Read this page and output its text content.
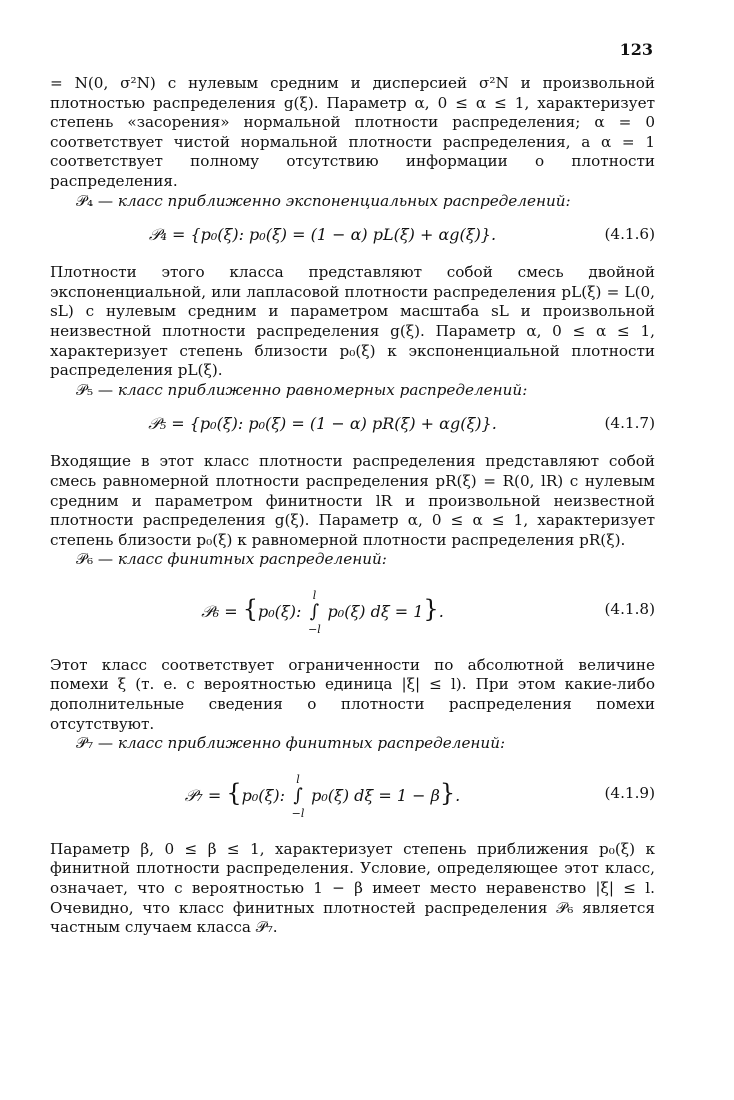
123

= N(0, σ²N) с нулевым средним и дисперсией σ²N и произвольной плотностью распределения g(ξ). Параметр α, 0 ≤ α ≤ 1, характеризует степень «засорения» нормальной плотности распределения; α = 0 соответствует чистой нормальной плотности распределения, а α = 1 соответствует полному отсутствию информации о плотности распределения.

𝒫₄ — класс приближенно экспоненциальных распределений:

𝒫₄ = {p₀(ξ): p₀(ξ) = (1 − α) pL(ξ) + αg(ξ)}.	(4.1.6)

Плотности этого класса представляют собой смесь двойной экспоненциальной, или лапласовой плотности распределения pL(ξ) = L(0, sL) с нулевым средним и параметром масштаба sL и произвольной неизвестной плотности распределения g(ξ). Параметр α, 0 ≤ α ≤ 1, характеризует степень близости p₀(ξ) к экспоненциальной плотности распределения pL(ξ).

𝒫₅ — класс приближенно равномерных распределений:

𝒫₅ = {p₀(ξ): p₀(ξ) = (1 − α) pR(ξ) + αg(ξ)}.	(4.1.7)

Входящие в этот класс плотности распределения представляют собой смесь равномерной плотности распределения pR(ξ) = R(0, lR) с нулевым средним и параметром финитности lR и произвольной неизвестной плотности распределения g(ξ). Параметр α, 0 ≤ α ≤ 1, характеризует степень близости p₀(ξ) к равномерной плотности распределения pR(ξ).

𝒫₆ — класс финитных распределений:

𝒫₆ = {p₀(ξ):
l
∫
−l
p₀(ξ) dξ = 1}.	(4.1.8)

Этот класс соответствует ограниченности по абсолютной величине помехи ξ (т. е. с вероятностью единица |ξ| ≤ l). При этом какие-либо дополнительные сведения о плотности распределения помехи отсутствуют.

𝒫₇ — класс приближенно финитных распределений:

𝒫₇ = {p₀(ξ):
l
∫
−l
p₀(ξ) dξ = 1 − β}.	(4.1.9)

Параметр β, 0 ≤ β ≤ 1, характеризует степень приближения p₀(ξ) к финитной плотности распределения. Условие, определяющее этот класс, означает, что с вероятностью 1 − β имеет место неравенство |ξ| ≤ l. Очевидно, что класс финитных плотностей распределения 𝒫₆ является частным случаем класса 𝒫₇.
